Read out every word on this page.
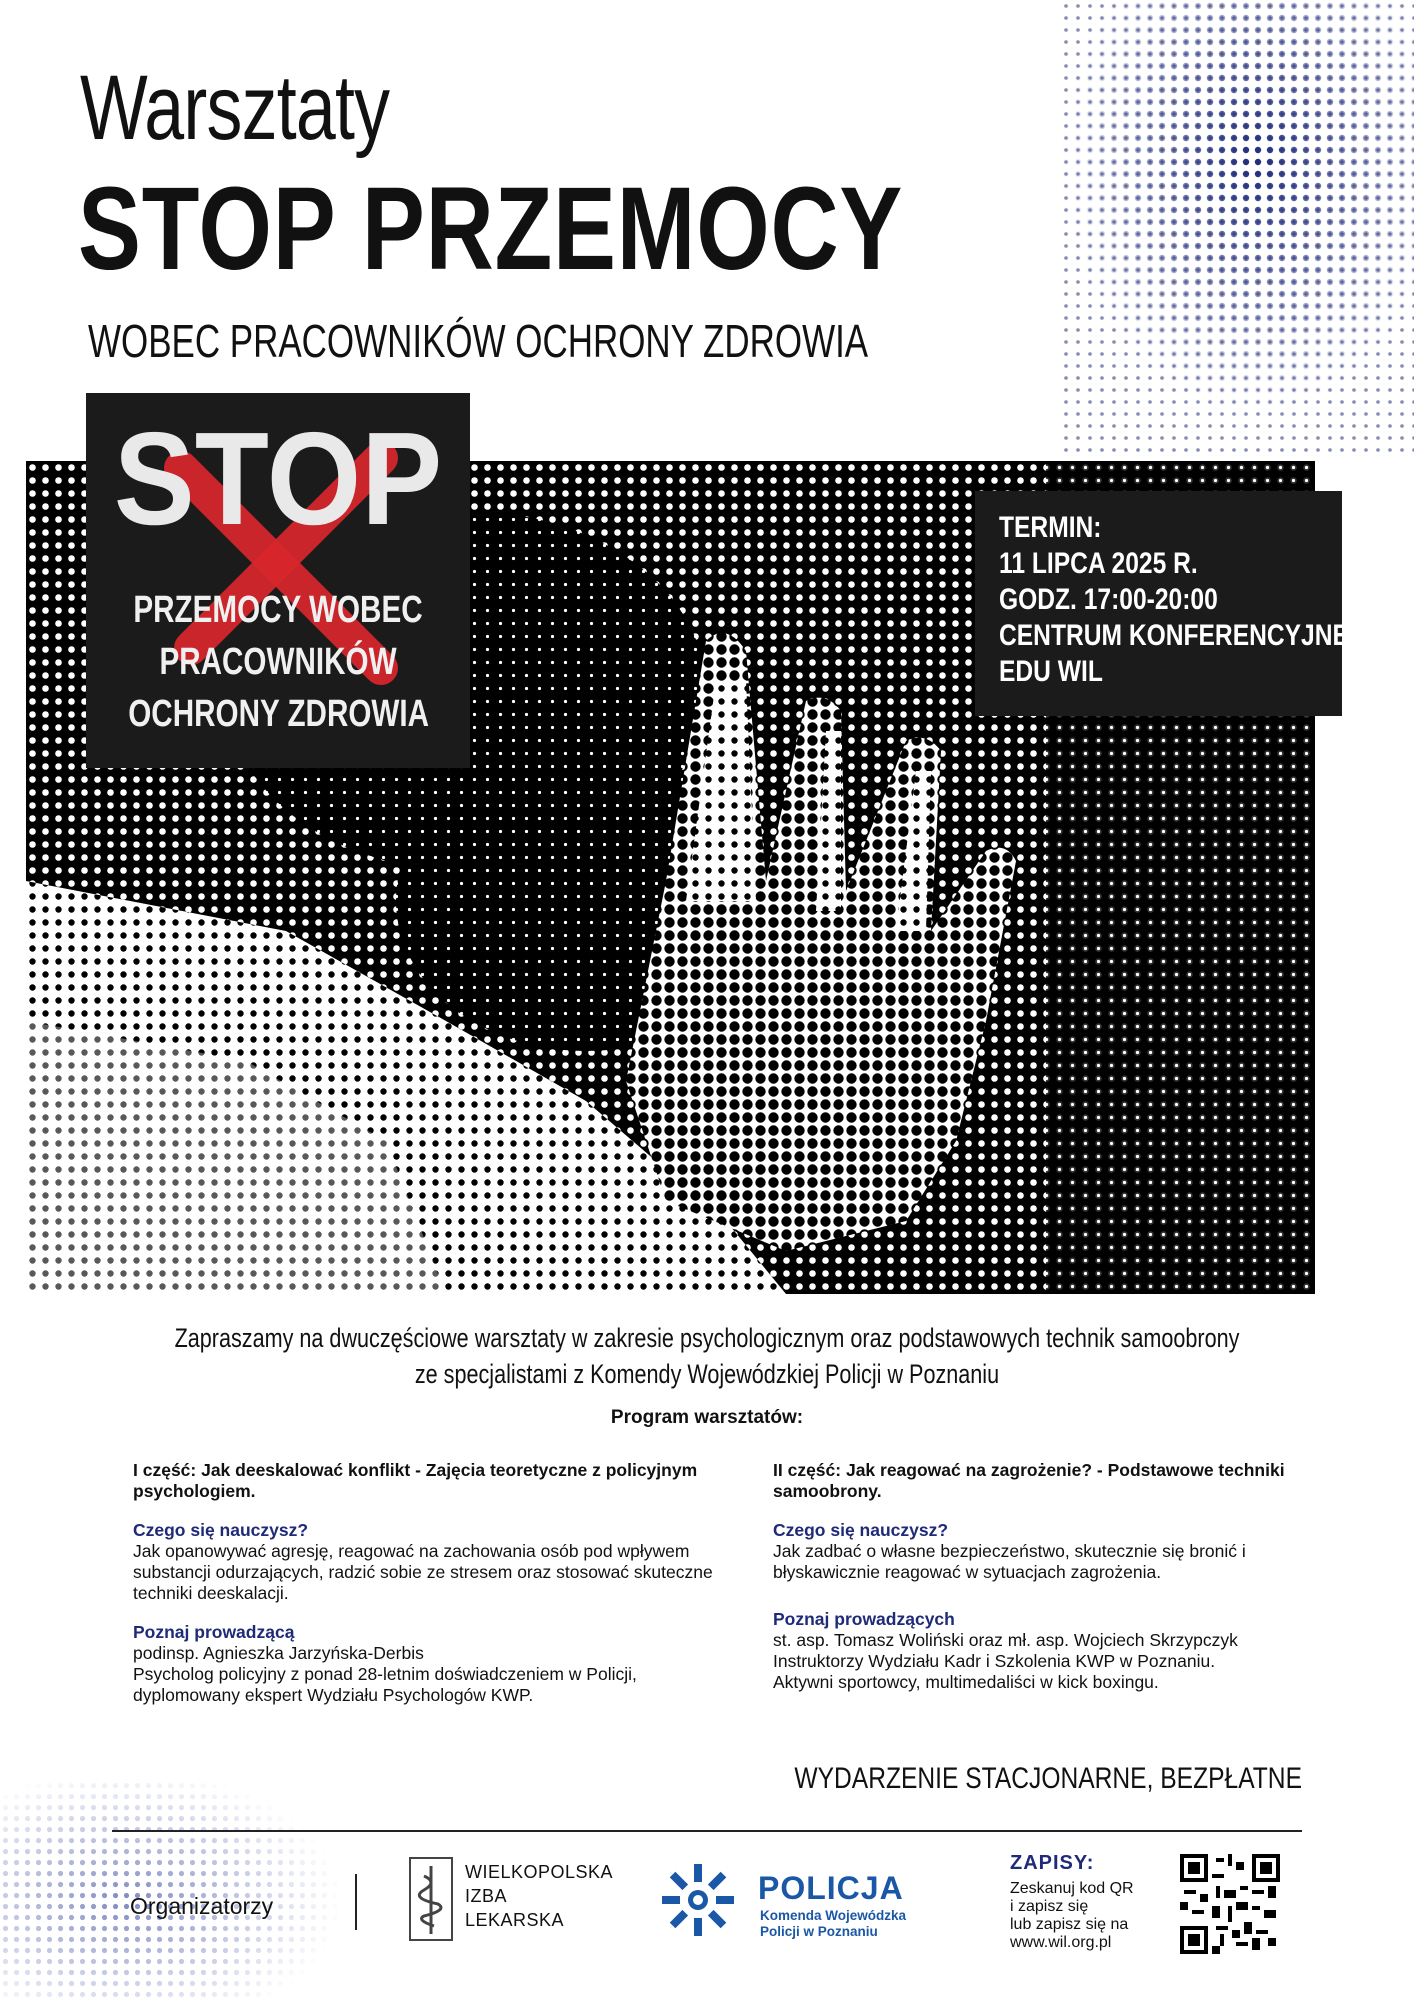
Warsztaty
STOP PRZEMOCY
WOBEC PRACOWNIKÓW OCHRONY ZDROWIA
STOP
PRZEMOCY WOBEC
PRACOWNIKÓW
OCHRONY ZDROWIA
TERMIN:
11 LIPCA 2025 R.
GODZ. 17:00-20:00
CENTRUM KONFERENCYJNE
EDU WIL
Zapraszamy na dwuczęściowe warsztaty w zakresie psychologicznym oraz podstawowych technik samoobrony
ze specjalistami z Komendy Wojewódzkiej Policji w Poznaniu
Program warsztatów:
I część: Jak deeskalować konflikt - Zajęcia teoretyczne z policyjnym psychologiem.
Czego się nauczysz?
Jak opanowywać agresję, reagować na zachowania osób pod wpływem substancji odurzających, radzić sobie ze stresem oraz stosować skuteczne techniki deeskalacji.
Poznaj prowadzącą
podinsp. Agnieszka Jarzyńska-Derbis
Psycholog policyjny z ponad 28-letnim doświadczeniem w Policji, dyplomowany ekspert Wydziału Psychologów KWP.
II część: Jak reagować na zagrożenie? - Podstawowe techniki samoobrony.
Czego się nauczysz?
Jak zadbać o własne bezpieczeństwo, skutecznie się bronić i błyskawicznie reagować w sytuacjach zagrożenia.
Poznaj prowadzących
st. asp. Tomasz Woliński oraz mł. asp. Wojciech Skrzypczyk
Instruktorzy Wydziału Kadr i Szkolenia KWP w Poznaniu.
Aktywni sportowcy, multimedaliści w kick boxingu.
WYDARZENIE STACJONARNE, BEZPŁATNE
Organizatorzy
WIELKOPOLSKA
IZBA
LEKARSKA
POLICJA
Komenda Wojewódzka
Policji w Poznaniu
ZAPISY:
Zeskanuj kod QR
i zapisz się
lub zapisz się na
www.wil.org.pl
